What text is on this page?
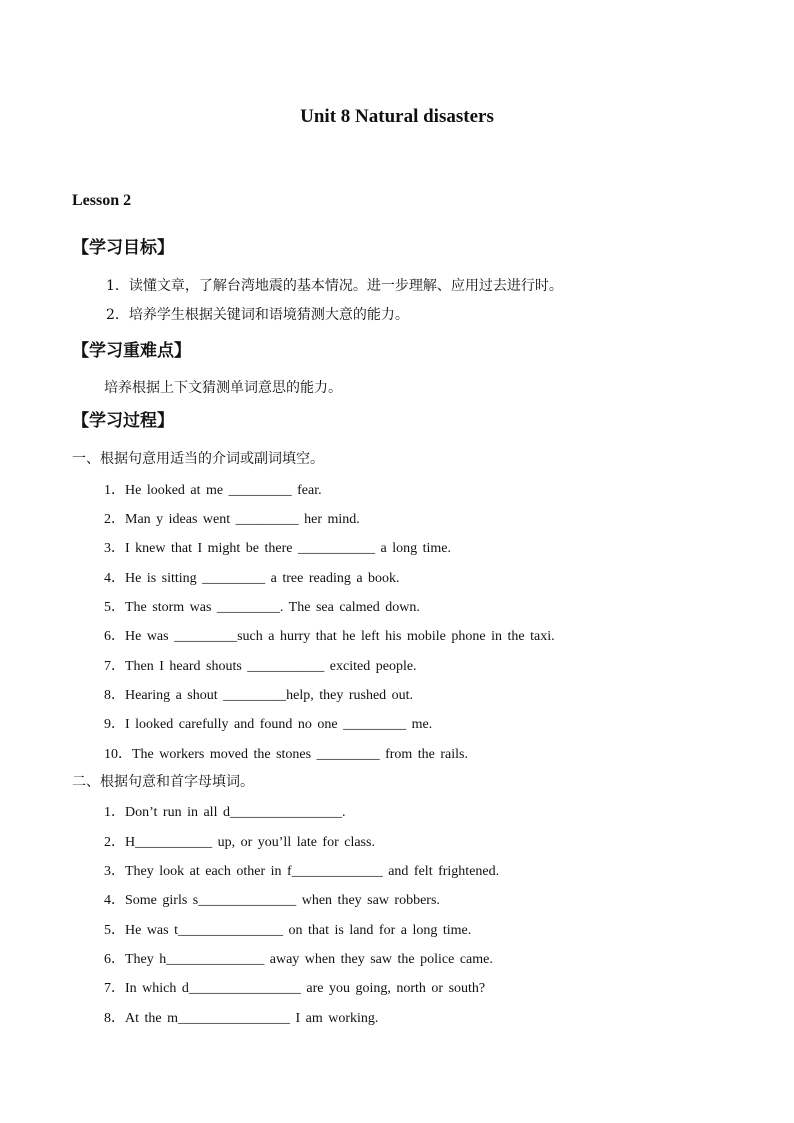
Unit 8 Natural disasters
Lesson 2
【学习目标】
1．读懂文章，了解台湾地震的基本情况。进一步理解、应用过去进行时。
2．培养学生根据关键词和语境猜测大意的能力。
【学习重难点】
培养根据上下文猜测单词意思的能力。
【学习过程】
一、根据句意用适当的介词或副词填空。
1．He looked at me _________ fear.
2．Man y ideas went _________ her mind.
3．I knew that I might be there ___________ a long time.
4．He is sitting _________ a tree reading a book.
5．The storm was _________. The sea calmed down.
6．He was _________such a hurry that he left his mobile phone in the taxi.
7．Then I heard shouts ___________ excited people.
8．Hearing a shout _________help, they rushed out.
9．I looked carefully and found no one _________ me.
10．The workers moved the stones _________ from the rails.
二、根据句意和首字母填词。
1．Don’t run in all d________________.
2．H___________ up, or you’ll late for class.
3．They look at each other in f_____________ and felt frightened.
4．Some girls s______________ when they saw robbers.
5．He was t_______________ on that is land for a long time.
6．They h______________ away when they saw the police came.
7．In which d________________ are you going, north or south?
8．At the m________________ I am working.
